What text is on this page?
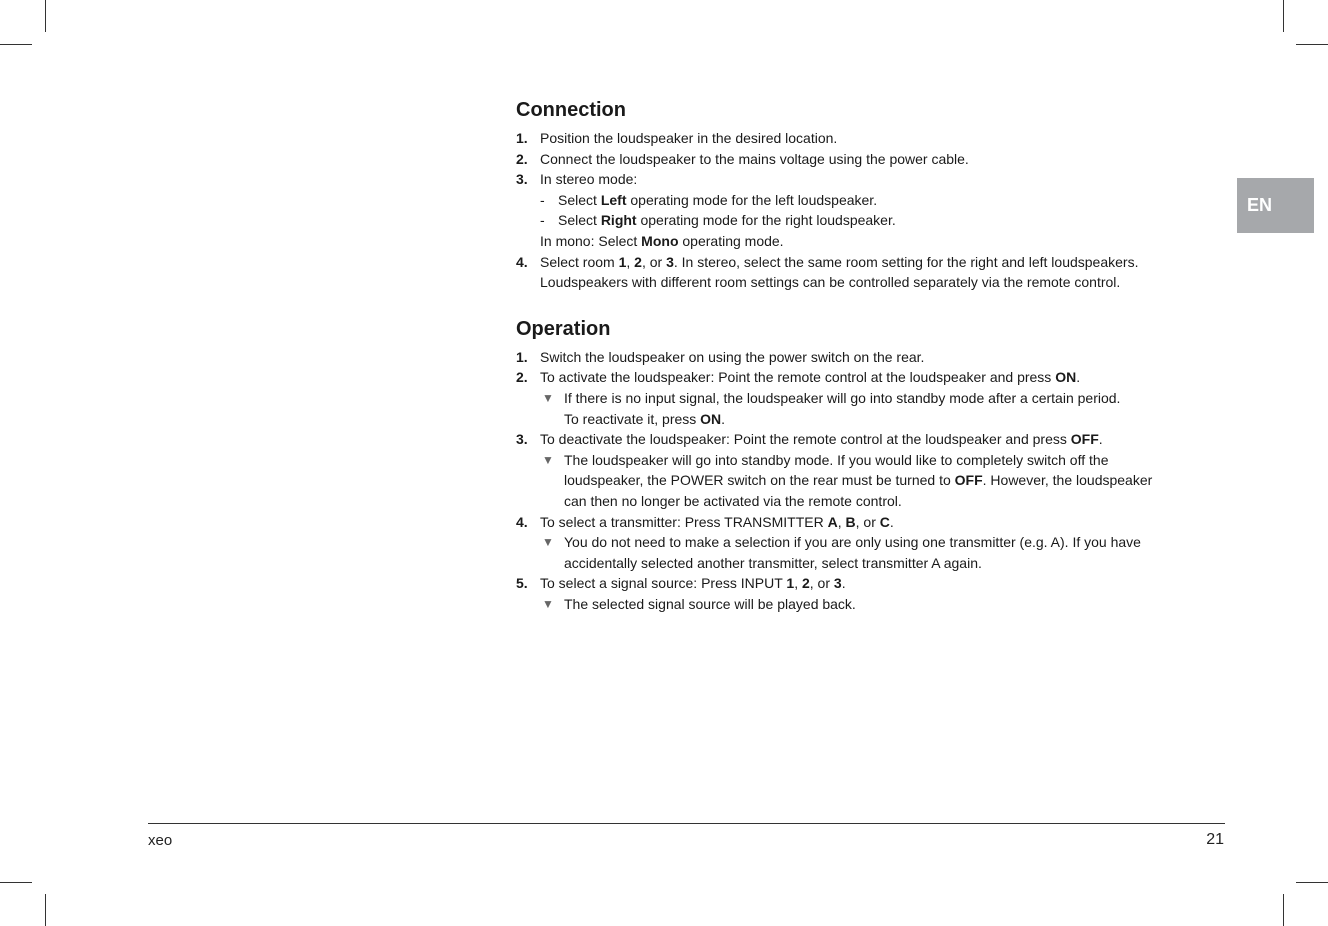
EN
Connection
1. Position the loudspeaker in the desired location.
2. Connect the loudspeaker to the mains voltage using the power cable.
3. In stereo mode:
- Select Left operating mode for the left loudspeaker.
- Select Right operating mode for the right loudspeaker.
In mono: Select Mono operating mode.
4. Select room 1, 2, or 3. In stereo, select the same room setting for the right and left loudspeakers.
Loudspeakers with different room settings can be controlled separately via the remote control.
Operation
1. Switch the loudspeaker on using the power switch on the rear.
2. To activate the loudspeaker: Point the remote control at the loudspeaker and press ON.
▼ If there is no input signal, the loudspeaker will go into standby mode after a certain period.
To reactivate it, press ON.
3. To deactivate the loudspeaker: Point the remote control at the loudspeaker and press OFF.
▼ The loudspeaker will go into standby mode. If you would like to completely switch off the
loudspeaker, the POWER switch on the rear must be turned to OFF. However, the loudspeaker
can then no longer be activated via the remote control.
4. To select a transmitter: Press TRANSMITTER A, B, or C.
▼ You do not need to make a selection if you are only using one transmitter (e.g. A). If you have
accidentally selected another transmitter, select transmitter A again.
5. To select a signal source: Press INPUT 1, 2, or 3.
▼ The selected signal source will be played back.
xeo	21
